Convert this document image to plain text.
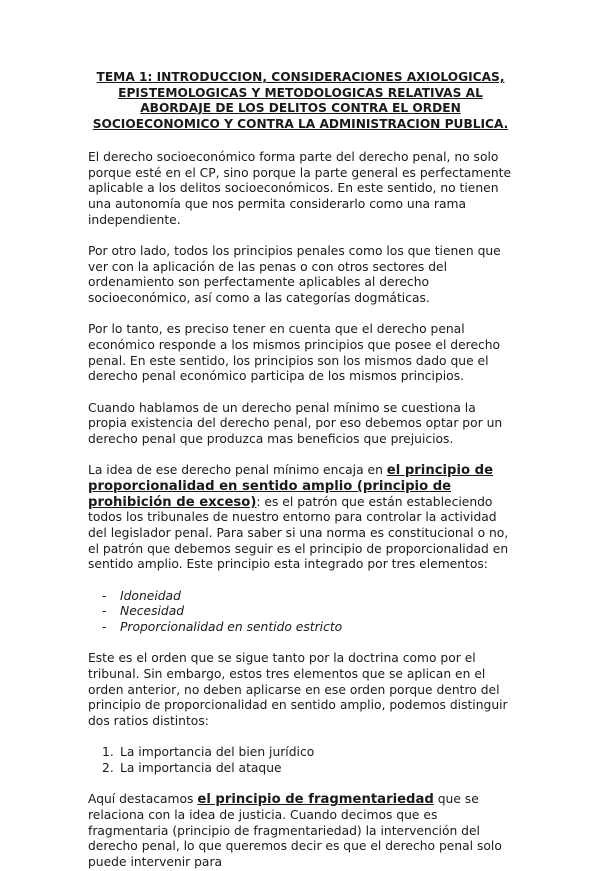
TEMA 1: INTRODUCCION, CONSIDERACIONES AXIOLOGICAS,
EPISTEMOLOGICAS Y METODOLOGICAS RELATIVAS AL
ABORDAJE DE LOS DELITOS CONTRA EL ORDEN
SOCIOECONOMICO Y CONTRA LA ADMINISTRACION PUBLICA.

El derecho socioeconómico forma parte del derecho penal, no solo porque esté en el CP, sino porque la parte general es perfectamente aplicable a los delitos socioeconómicos. En este sentido, no tienen una autonomía que nos permita considerarlo como una rama independiente.

Por otro lado, todos los principios penales como los que tienen que ver con la aplicación de las penas o con otros sectores del ordenamiento son perfectamente aplicables al derecho socioeconómico, así como a las categorías dogmáticas.

Por lo tanto, es preciso tener en cuenta que el derecho penal económico responde a los mismos principios que posee el derecho penal. En este sentido, los principios son los mismos dado que el derecho penal económico participa de los mismos principios.

Cuando hablamos de un derecho penal mínimo se cuestiona la propia existencia del derecho penal, por eso debemos optar por un derecho penal que produzca mas beneficios que prejuicios.

La idea de ese derecho penal mínimo encaja en el principio de proporcionalidad en sentido amplio (principio de prohibición de exceso): es el patrón que están estableciendo todos los tribunales de nuestro entorno para controlar la actividad del legislador penal. Para saber si una norma es constitucional o no, el patrón que debemos seguir es el principio de proporcionalidad en sentido amplio. Este principio esta integrado por tres elementos:

- Idoneidad
- Necesidad
- Proporcionalidad en sentido estricto

Este es el orden que se sigue tanto por la doctrina como por el tribunal. Sin embargo, estos tres elementos que se aplican en el orden anterior, no deben aplicarse en ese orden porque dentro del principio de proporcionalidad en sentido amplio, podemos distinguir dos ratios distintos:

1. La importancia del bien jurídico
2. La importancia del ataque

Aquí destacamos el principio de fragmentariedad que se relaciona con la idea de justicia. Cuando decimos que es fragmentaria (principio de fragmentariedad) la intervención del derecho penal, lo que queremos decir es que el derecho penal solo puede intervenir para
